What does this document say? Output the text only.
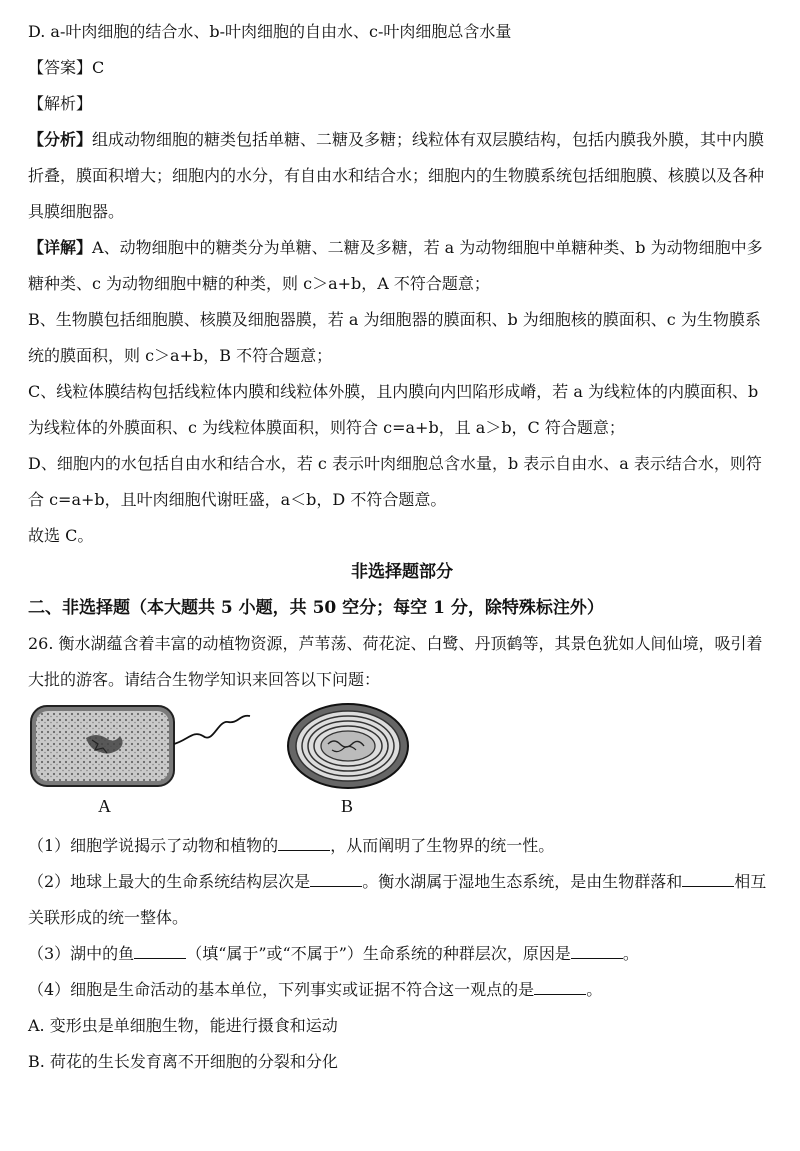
D. a-叶肉细胞的结合水、b-叶肉细胞的自由水、c-叶肉细胞总含水量

【答案】C

【解析】

【分析】组成动物细胞的糖类包括单糖、二糖及多糖；线粒体有双层膜结构，包括内膜我外膜，其中内膜折叠，膜面积增大；细胞内的水分，有自由水和结合水；细胞内的生物膜系统包括细胞膜、核膜以及各种具膜细胞器。

【详解】A、动物细胞中的糖类分为单糖、二糖及多糖，若 a 为动物细胞中单糖种类、b 为动物细胞中多糖种类、c 为动物细胞中糖的种类，则 c＞a+b，A 不符合题意；

B、生物膜包括细胞膜、核膜及细胞器膜，若 a 为细胞器的膜面积、b 为细胞核的膜面积、c 为生物膜系统的膜面积，则 c＞a+b，B 不符合题意；

C、线粒体膜结构包括线粒体内膜和线粒体外膜，且内膜向内凹陷形成嵴，若 a 为线粒体的内膜面积、b 为线粒体的外膜面积、c 为线粒体膜面积，则符合 c=a+b，且 a＞b，C 符合题意；

D、细胞内的水包括自由水和结合水，若 c 表示叶肉细胞总含水量，b 表示自由水、a 表示结合水，则符合 c=a+b，且叶肉细胞代谢旺盛，a＜b，D 不符合题意。

故选 C。

非选择题部分

二、非选择题（本大题共 5 小题，共 50 空分；每空 1 分，除特殊标注外）

26. 衡水湖蕴含着丰富的动植物资源，芦苇荡、荷花淀、白鹭、丹顶鹤等，其景色犹如人间仙境，吸引着大批的游客。请结合生物学知识来回答以下问题：

A	B

（1）细胞学说揭示了动物和植物的	，从而阐明了生物界的统一性。

（2）地球上最大的生命系统结构层次是	。衡水湖属于湿地生态系统，是由生物群落和	相互关联形成的统一整体。

（3）湖中的鱼	（填“属于”或“不属于”）生命系统的种群层次，原因是	。

（4）细胞是生命活动的基本单位，下列事实或证据不符合这一观点的是	。

A. 变形虫是单细胞生物，能进行摄食和运动

B. 荷花的生长发育离不开细胞的分裂和分化
